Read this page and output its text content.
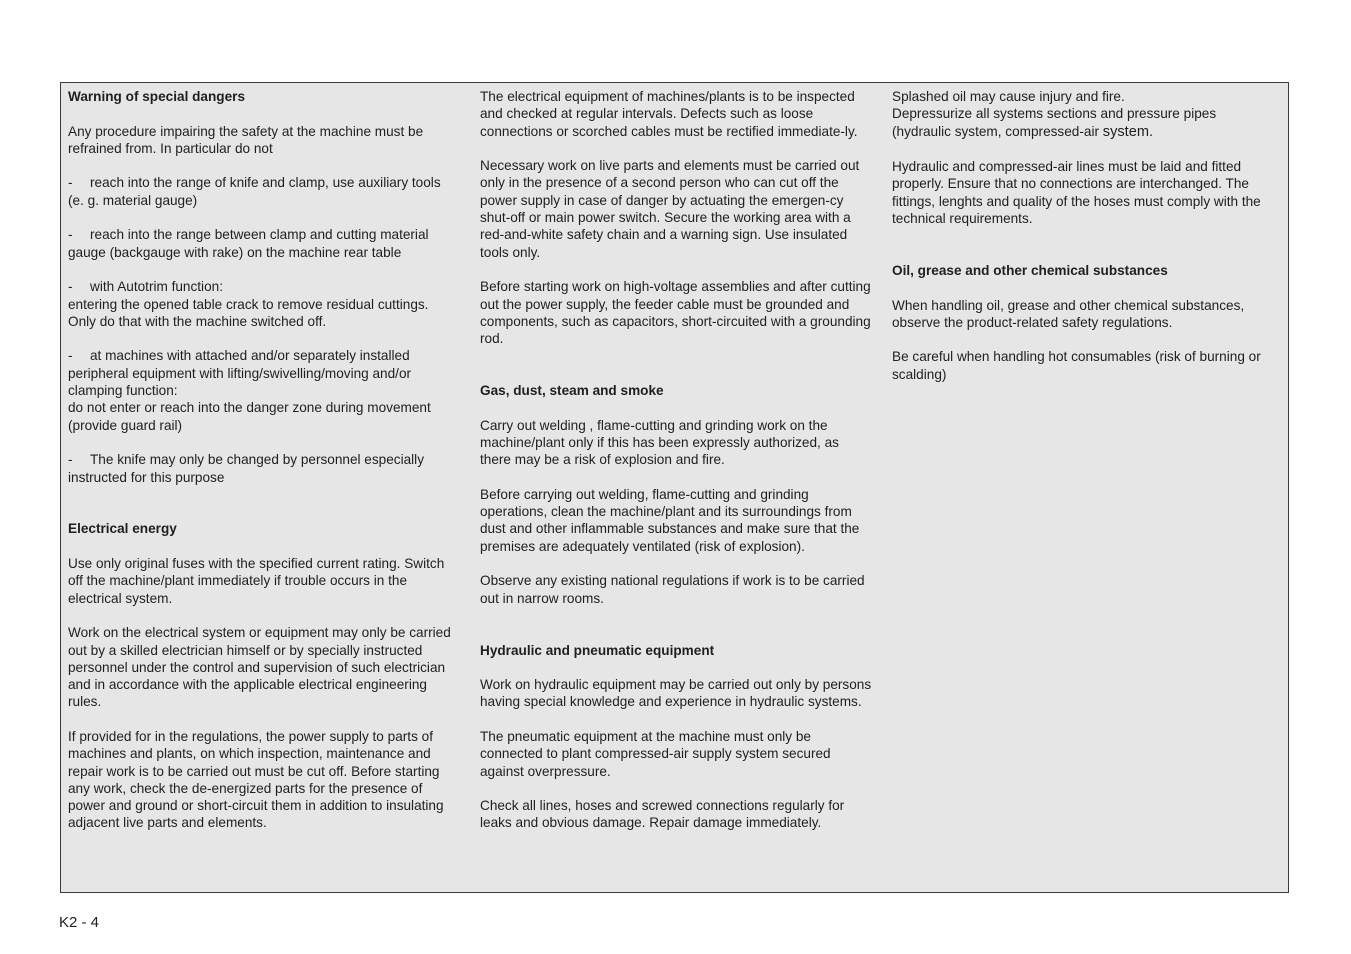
Warning of special dangers

Any procedure impairing the safety at the machine must be refrained from. In particular do not

- reach into the range of knife and clamp, use auxiliary tools (e. g. material gauge)

- reach into the range between clamp and cutting material gauge (backgauge with rake) on the machine rear table

- with Autotrim function:
entering the opened table crack to remove residual cuttings. Only do that with the machine switched off.

- at machines with attached and/or separately installed peripheral equipment with lifting/swivelling/moving and/or clamping function:
do not enter or reach into the danger zone during movement (provide guard rail)

- The knife may only be changed by personnel especially instructed for this purpose

Electrical energy

Use only original fuses with the specified current rating. Switch off the machine/plant immediately if trouble occurs in the electrical system.

Work on the electrical system or equipment may only be carried out by a skilled electrician himself or by specially instructed personnel under the control and supervision of such electrician and in accordance with the applicable electrical engineering rules.

If provided for in the regulations, the power supply to parts of machines and plants, on which inspection, maintenance and repair work is to be carried out must be cut off. Before starting any work, check the de-energized parts for the presence of power and ground or short-circuit them in addition to insulating adjacent live parts and elements.

The electrical equipment of machines/plants is to be inspected and checked at regular intervals. Defects such as loose connections or scorched cables must be rectified immediate-ly.

Necessary work on live parts and elements must be carried out only in the presence of a second person who can cut off the power supply in case of danger by actuating the emergen-cy shut-off or main power switch. Secure the working area with a red-and-white safety chain and a warning sign. Use insulated tools only.

Before starting work on high-voltage assemblies and after cutting out the power supply, the feeder cable must be grounded and components, such as capacitors, short-circuited with a grounding rod.

Gas, dust, steam and smoke

Carry out welding , flame-cutting and grinding work on the machine/plant only if this has been expressly authorized, as there may be a risk of explosion and fire.

Before carrying out welding, flame-cutting and grinding operations, clean the machine/plant and its surroundings from dust and other inflammable substances and make sure that the premises are adequately ventilated (risk of explosion).

Observe any existing national regulations if work is to be carried out in narrow rooms.

Hydraulic and pneumatic equipment

Work on hydraulic equipment may be carried out only by persons having special knowledge and experience in hydraulic systems.

The pneumatic equipment at the machine must only be connected to plant compressed-air supply system secured against overpressure.

Check all lines, hoses and screwed connections regularly for leaks and obvious damage. Repair damage immediately.

Splashed oil may cause injury and fire.
Depressurize all systems sections and pressure pipes (hydraulic system, compressed-air system.

Hydraulic and compressed-air lines must be laid and fitted properly. Ensure that no connections are interchanged. The fittings, lenghts and quality of the hoses must comply with the technical requirements.

Oil, grease and other chemical substances

When handling oil, grease and other chemical substances, observe the product-related safety regulations.

Be careful when handling hot consumables (risk of burning or scalding)

K2 - 4
